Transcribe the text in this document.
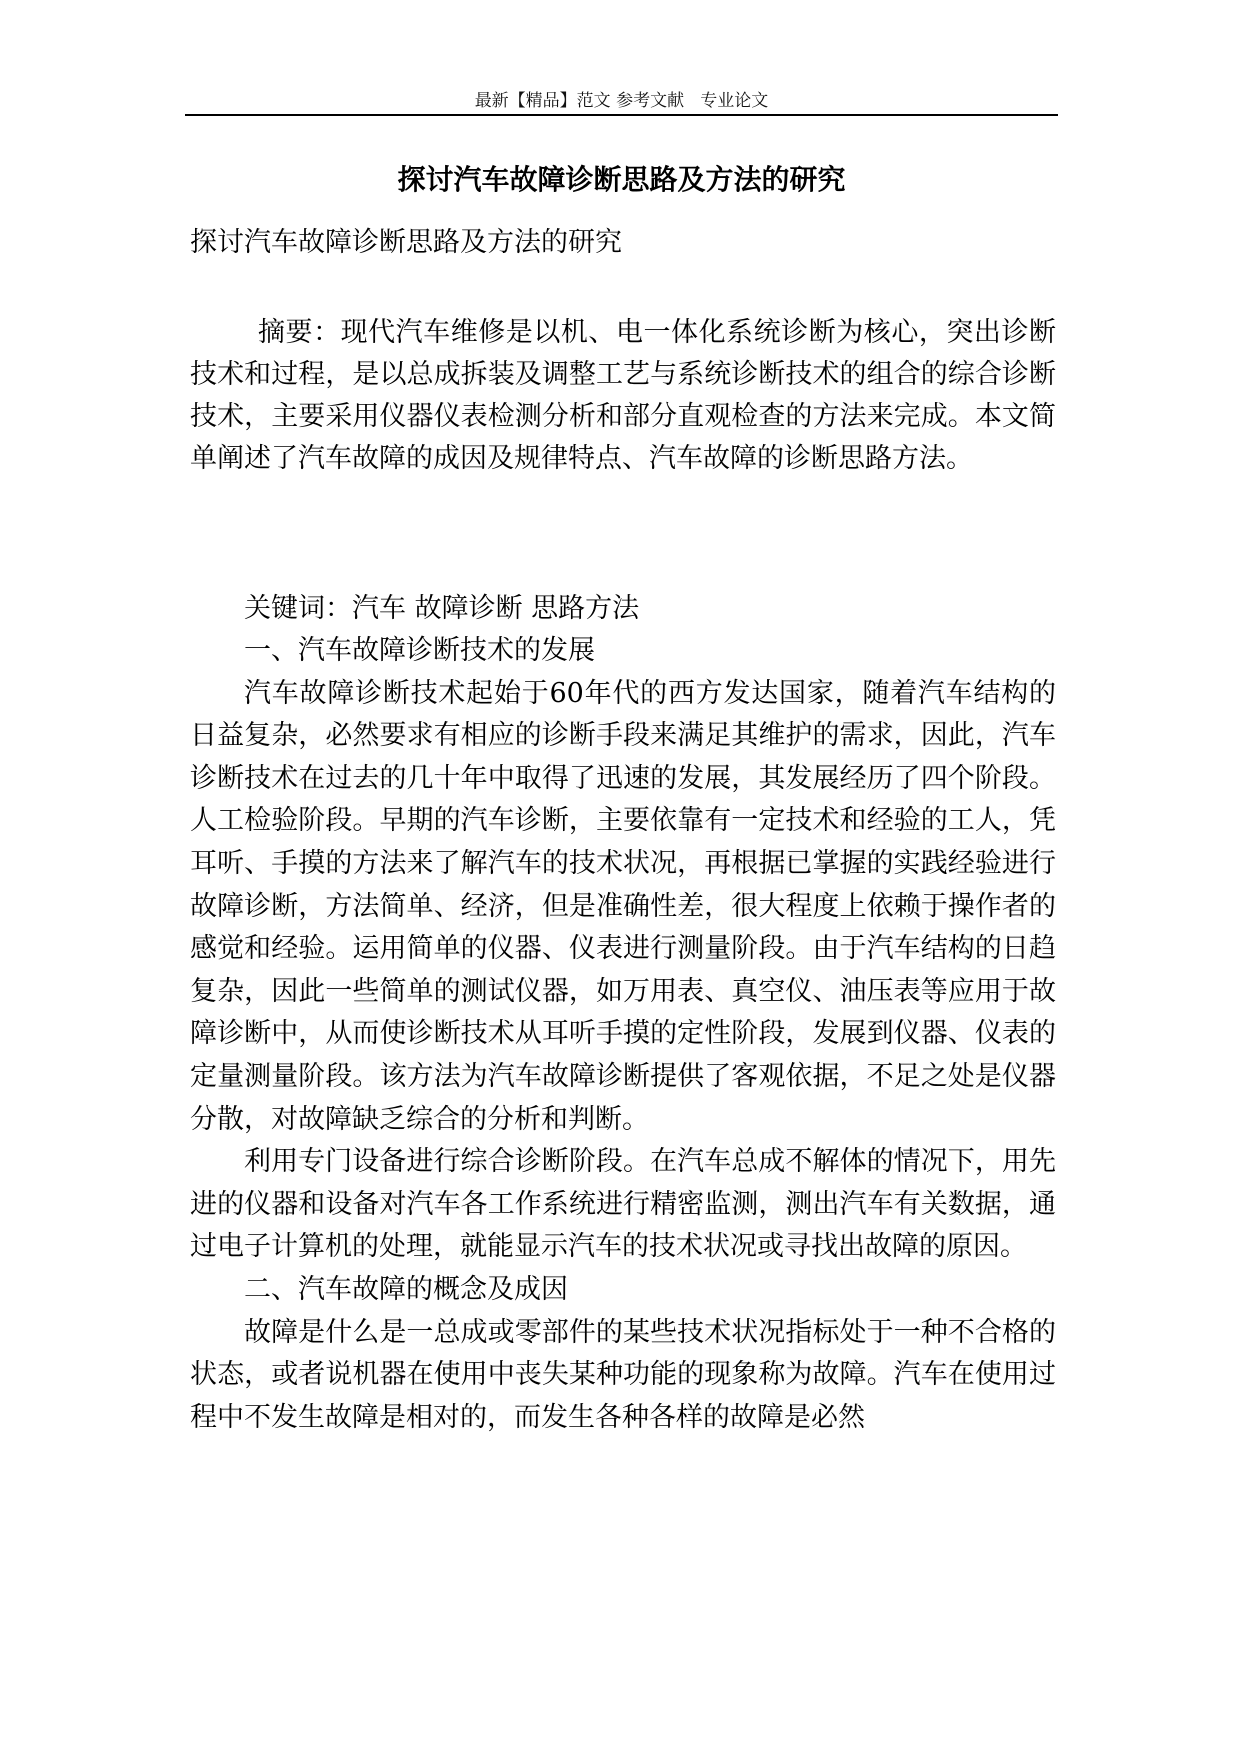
最新【精品】范文 参考文献   专业论文
探讨汽车故障诊断思路及方法的研究

探讨汽车故障诊断思路及方法的研究

摘要：现代汽车维修是以机、电一体化系统诊断为核心，突出诊断技术和过程，是以总成拆装及调整工艺与系统诊断技术的组合的综合诊断技术，主要采用仪器仪表检测分析和部分直观检查的方法来完成。本文简单阐述了汽车故障的成因及规律特点、汽车故障的诊断思路方法。

关键词：汽车 故障诊断 思路方法

一、汽车故障诊断技术的发展

汽车故障诊断技术起始于60年代的西方发达国家，随着汽车结构的日益复杂，必然要求有相应的诊断手段来满足其维护的需求，因此，汽车诊断技术在过去的几十年中取得了迅速的发展，其发展经历了四个阶段。人工检验阶段。早期的汽车诊断，主要依靠有一定技术和经验的工人，凭耳听、手摸的方法来了解汽车的技术状况，再根据已掌握的实践经验进行故障诊断，方法简单、经济，但是准确性差，很大程度上依赖于操作者的感觉和经验。运用简单的仪器、仪表进行测量阶段。由于汽车结构的日趋复杂，因此一些简单的测试仪器，如万用表、真空仪、油压表等应用于故障诊断中，从而使诊断技术从耳听手摸的定性阶段，发展到仪器、仪表的定量测量阶段。该方法为汽车故障诊断提供了客观依据，不足之处是仪器分散，对故障缺乏综合的分析和判断。

利用专门设备进行综合诊断阶段。在汽车总成不解体的情况下，用先进的仪器和设备对汽车各工作系统进行精密监测，测出汽车有关数据，通过电子计算机的处理，就能显示汽车的技术状况或寻找出故障的原因。

二、汽车故障的概念及成因

故障是什么是一总成或零部件的某些技术状况指标处于一种不合格的状态，或者说机器在使用中丧失某种功能的现象称为故障。汽车在使用过程中不发生故障是相对的，而发生各种各样的故障是必然
